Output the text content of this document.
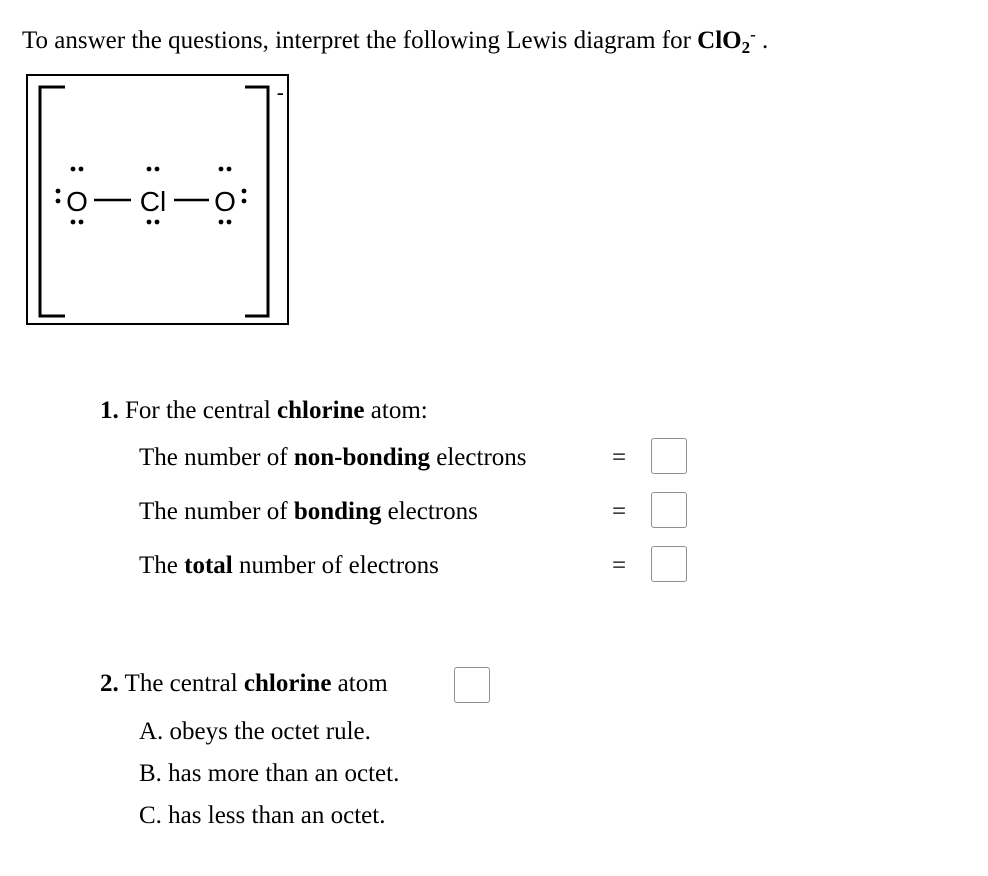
To answer the questions, interpret the following Lewis diagram for ClO$_2$- .
-
O Cl O
1. For the central chlorine atom:
The number of non-bonding electrons	=
The number of bonding electrons	=
The total number of electrons	=
2. The central chlorine atom
A. obeys the octet rule.
B. has more than an octet.
C. has less than an octet.
